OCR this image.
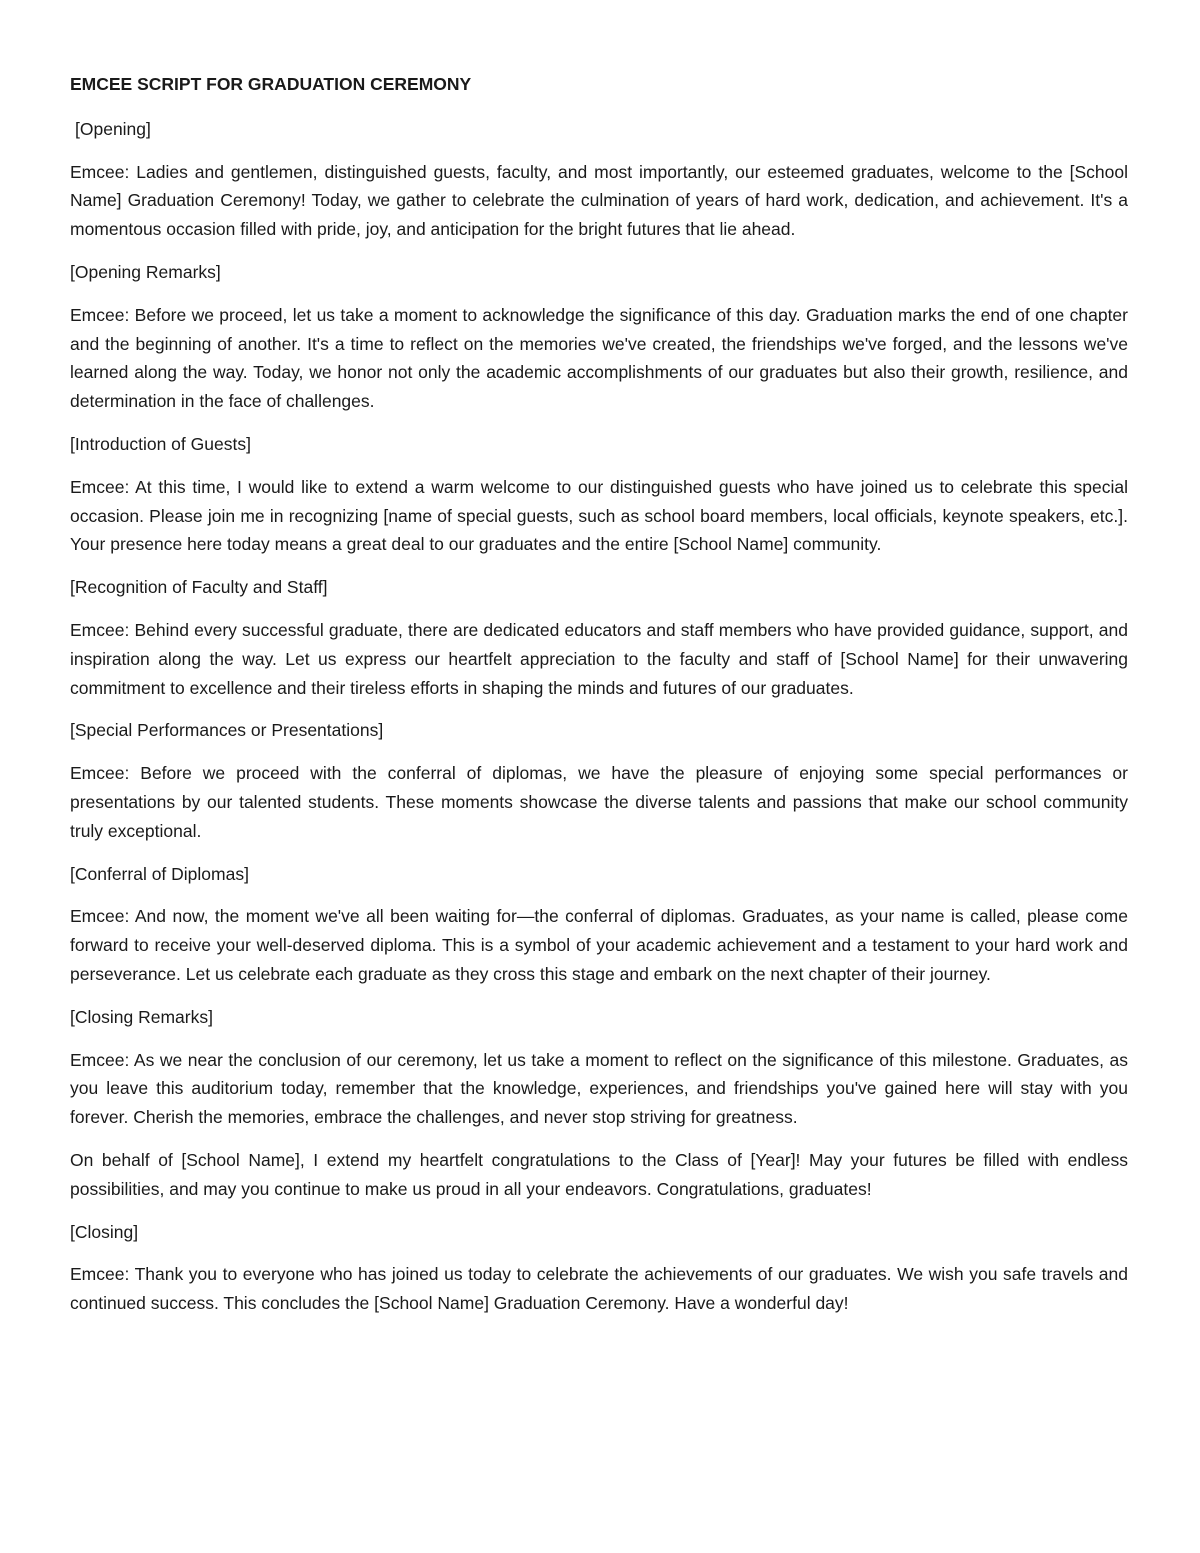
EMCEE SCRIPT FOR GRADUATION CEREMONY
[Opening]

Emcee: Ladies and gentlemen, distinguished guests, faculty, and most importantly, our esteemed graduates, welcome to the [School Name] Graduation Ceremony! Today, we gather to celebrate the culmination of years of hard work, dedication, and achievement. It's a momentous occasion filled with pride, joy, and anticipation for the bright futures that lie ahead.

[Opening Remarks]

Emcee: Before we proceed, let us take a moment to acknowledge the significance of this day. Graduation marks the end of one chapter and the beginning of another. It's a time to reflect on the memories we've created, the friendships we've forged, and the lessons we've learned along the way. Today, we honor not only the academic accomplishments of our graduates but also their growth, resilience, and determination in the face of challenges.

[Introduction of Guests]

Emcee: At this time, I would like to extend a warm welcome to our distinguished guests who have joined us to celebrate this special occasion. Please join me in recognizing [name of special guests, such as school board members, local officials, keynote speakers, etc.]. Your presence here today means a great deal to our graduates and the entire [School Name] community.

[Recognition of Faculty and Staff]

Emcee: Behind every successful graduate, there are dedicated educators and staff members who have provided guidance, support, and inspiration along the way. Let us express our heartfelt appreciation to the faculty and staff of [School Name] for their unwavering commitment to excellence and their tireless efforts in shaping the minds and futures of our graduates.

[Special Performances or Presentations]

Emcee: Before we proceed with the conferral of diplomas, we have the pleasure of enjoying some special performances or presentations by our talented students. These moments showcase the diverse talents and passions that make our school community truly exceptional.

[Conferral of Diplomas]

Emcee: And now, the moment we've all been waiting for—the conferral of diplomas. Graduates, as your name is called, please come forward to receive your well-deserved diploma. This is a symbol of your academic achievement and a testament to your hard work and perseverance. Let us celebrate each graduate as they cross this stage and embark on the next chapter of their journey.

[Closing Remarks]

Emcee: As we near the conclusion of our ceremony, let us take a moment to reflect on the significance of this milestone. Graduates, as you leave this auditorium today, remember that the knowledge, experiences, and friendships you've gained here will stay with you forever. Cherish the memories, embrace the challenges, and never stop striving for greatness.

On behalf of [School Name], I extend my heartfelt congratulations to the Class of [Year]! May your futures be filled with endless possibilities, and may you continue to make us proud in all your endeavors. Congratulations, graduates!

[Closing]

Emcee: Thank you to everyone who has joined us today to celebrate the achievements of our graduates. We wish you safe travels and continued success. This concludes the [School Name] Graduation Ceremony. Have a wonderful day!
